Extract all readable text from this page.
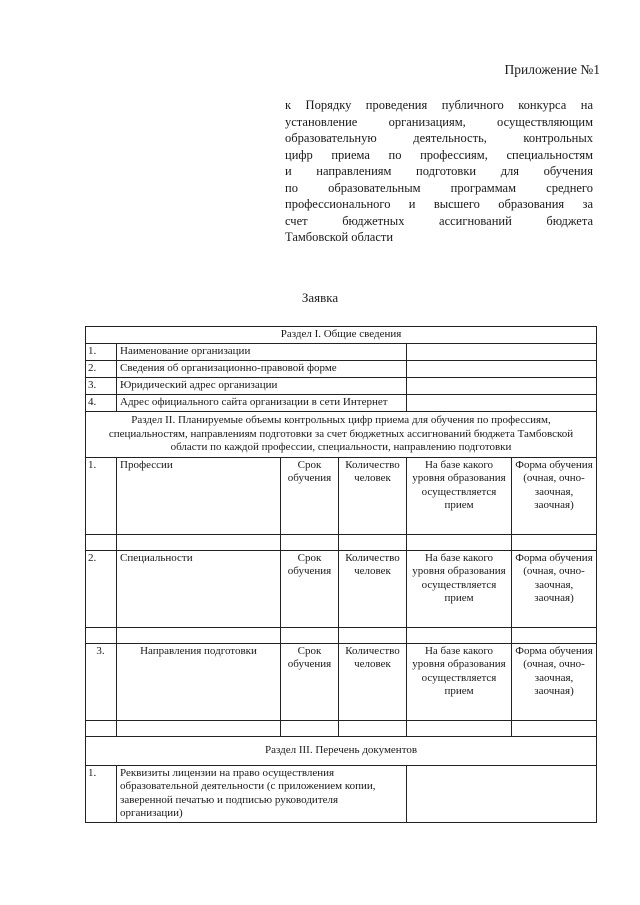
Приложение №1
к Порядку проведения публичного конкурса на
установление организациям, осуществляющим
образовательную деятельность, контрольных
цифр приема по профессиям, специальностям
и направлениям подготовки для обучения
по образовательным программам среднего
профессионального и высшего образования за
счет бюджетных ассигнований бюджета
Тамбовской области
Заявка
Раздел I. Общие сведения					
1.	Наименование организации				
2.	Сведения об организационно-правовой форме				
3.	Юридический адрес организации				
4.	Адрес официального сайта организации в сети Интернет				
Раздел II. Планируемые объемы контрольных цифр приема для обучения по профессиям, специальностям, направлениям подготовки за счет бюджетных ассигнований бюджета Тамбовской области по каждой профессии, специальности, направлению подготовки					
1.	Профессии	Срок обучения	Количество человек	На базе какого уровня образования осуществляется прием	Форма обучения (очная, очно-заочная, заочная)

2.	Специальности	Срок обучения	Количество человек	На базе какого уровня образования осуществляется прием	Форма обучения (очная, очно-заочная, заочная)

3.	Направления подготовки	Срок обучения	Количество человек	На базе какого уровня образования осуществляется прием	Форма обучения (очная, очно-заочная, заочная)

Раздел III. Перечень документов					
1.	Реквизиты лицензии на право осуществления образовательной деятельности (с приложением копии, заверенной печатью и подписью руководителя организации)				
